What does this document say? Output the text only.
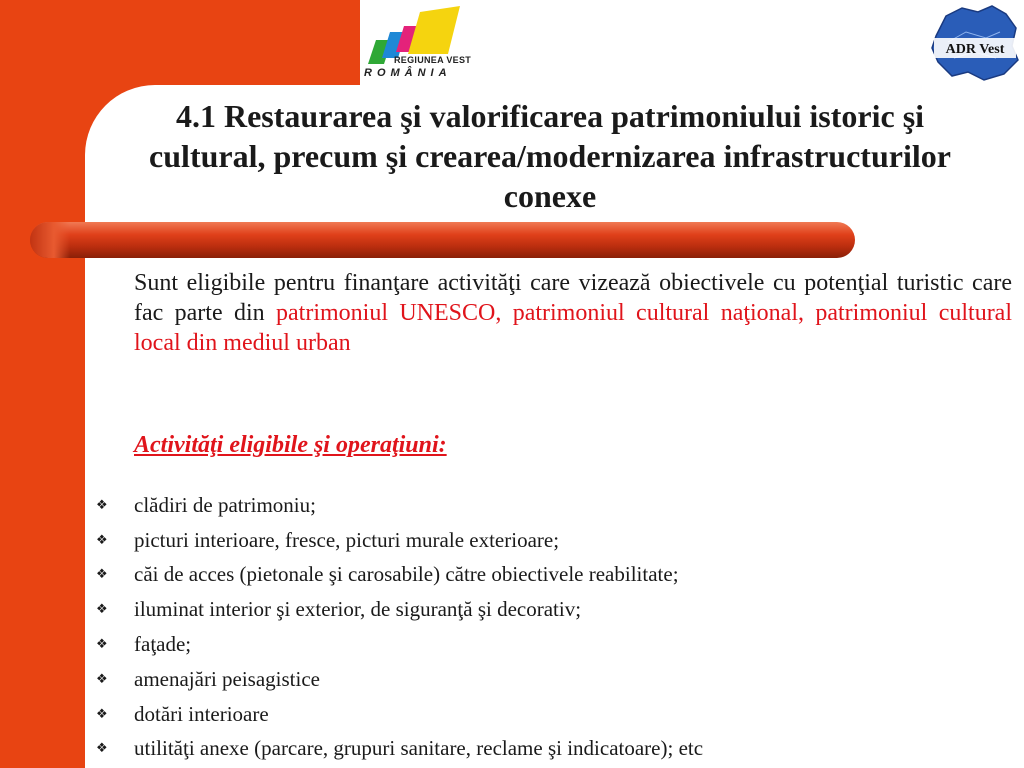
REGIUNEA VEST
ROMÂNIA
ADR Vest
4.1 Restaurarea şi valorificarea patrimoniului istoric şi cultural, precum şi crearea/modernizarea infrastructurilor conexe
Sunt eligibile pentru finanţare activităţi care vizează obiectivele cu potenţial turistic care fac parte din patrimoniul UNESCO, patrimoniul cultural naţional, patrimoniul cultural local din mediul urban
Activităţi eligibile şi operaţiuni:
❖	clădiri de patrimoniu;
❖	picturi interioare, fresce, picturi murale exterioare;
❖	căi de acces (pietonale şi carosabile) către obiectivele reabilitate;
❖	iluminat interior şi exterior, de siguranţă şi decorativ;
❖	faţade;
❖	amenajări peisagistice
❖	dotări interioare
❖	utilităţi anexe (parcare, grupuri sanitare, reclame şi indicatoare); etc
